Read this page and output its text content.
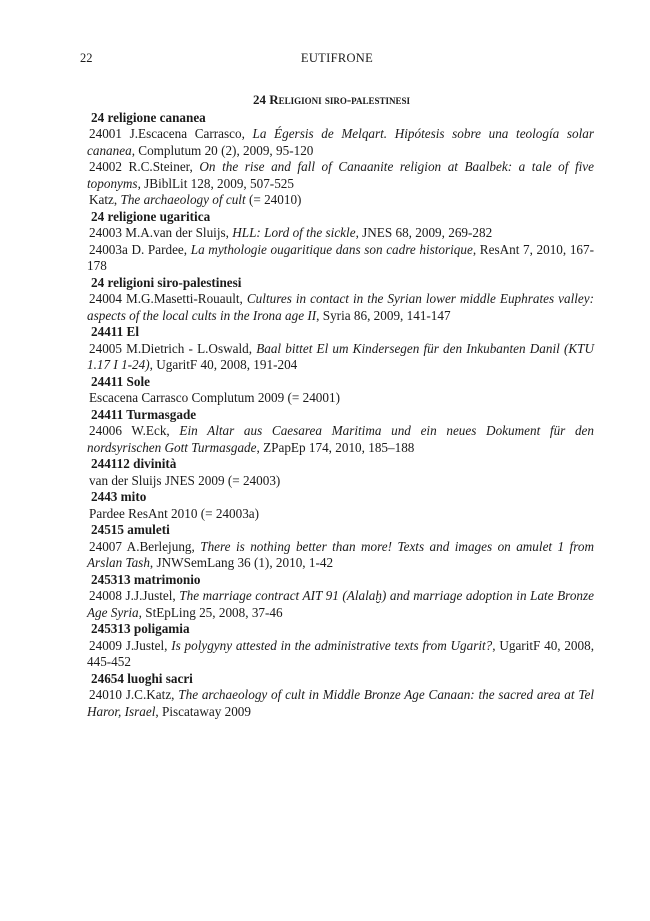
22	EUTIFRONE
24 Religioni siro-palestinesi
24 religione cananea
24001 J.Escacena Carrasco, La Égersis de Melqart. Hipótesis sobre una teología solar cananea, Complutum 20 (2), 2009, 95-120
24002 R.C.Steiner, On the rise and fall of Canaanite religion at Baalbek: a tale of five toponyms, JBiblLit 128, 2009, 507-525
Katz, The archaeology of cult (= 24010)
24 religione ugaritica
24003 M.A.van der Sluijs, HLL: Lord of the sickle, JNES 68, 2009, 269-282
24003a D. Pardee, La mythologie ougaritique dans son cadre historique, ResAnt 7, 2010, 167-178
24 religioni siro-palestinesi
24004 M.G.Masetti-Rouault, Cultures in contact in the Syrian lower middle Euphrates valley: aspects of the local cults in the Irona age II, Syria 86, 2009, 141-147
24411 El
24005 M.Dietrich - L.Oswald, Baal bittet El um Kindersegen für den Inkubanten Danil (KTU 1.17 I 1-24), UgaritF 40, 2008, 191-204
24411 Sole
Escacena Carrasco Complutum 2009 (= 24001)
24411 Turmasgade
24006 W.Eck, Ein Altar aus Caesarea Maritima und ein neues Dokument für den nordsyrischen Gott Turmasgade, ZPapEp 174, 2010, 185–188
244112 divinità
van der Sluijs JNES 2009 (= 24003)
2443 mito
Pardee ResAnt 2010 (= 24003a)
24515 amuleti
24007 A.Berlejung, There is nothing better than more! Texts and images on amulet 1 from Arslan Tash, JNWSemLang 36 (1), 2010, 1-42
245313 matrimonio
24008 J.J.Justel, The marriage contract AIT 91 (Alalaḫ) and marriage adoption in Late Bronze Age Syria, StEpLing 25, 2008, 37-46
245313 poligamia
24009 J.Justel, Is polygyny attested in the administrative texts from Ugarit?, UgaritF 40, 2008, 445-452
24654 luoghi sacri
24010 J.C.Katz, The archaeology of cult in Middle Bronze Age Canaan: the sacred area at Tel Haror, Israel, Piscataway 2009
